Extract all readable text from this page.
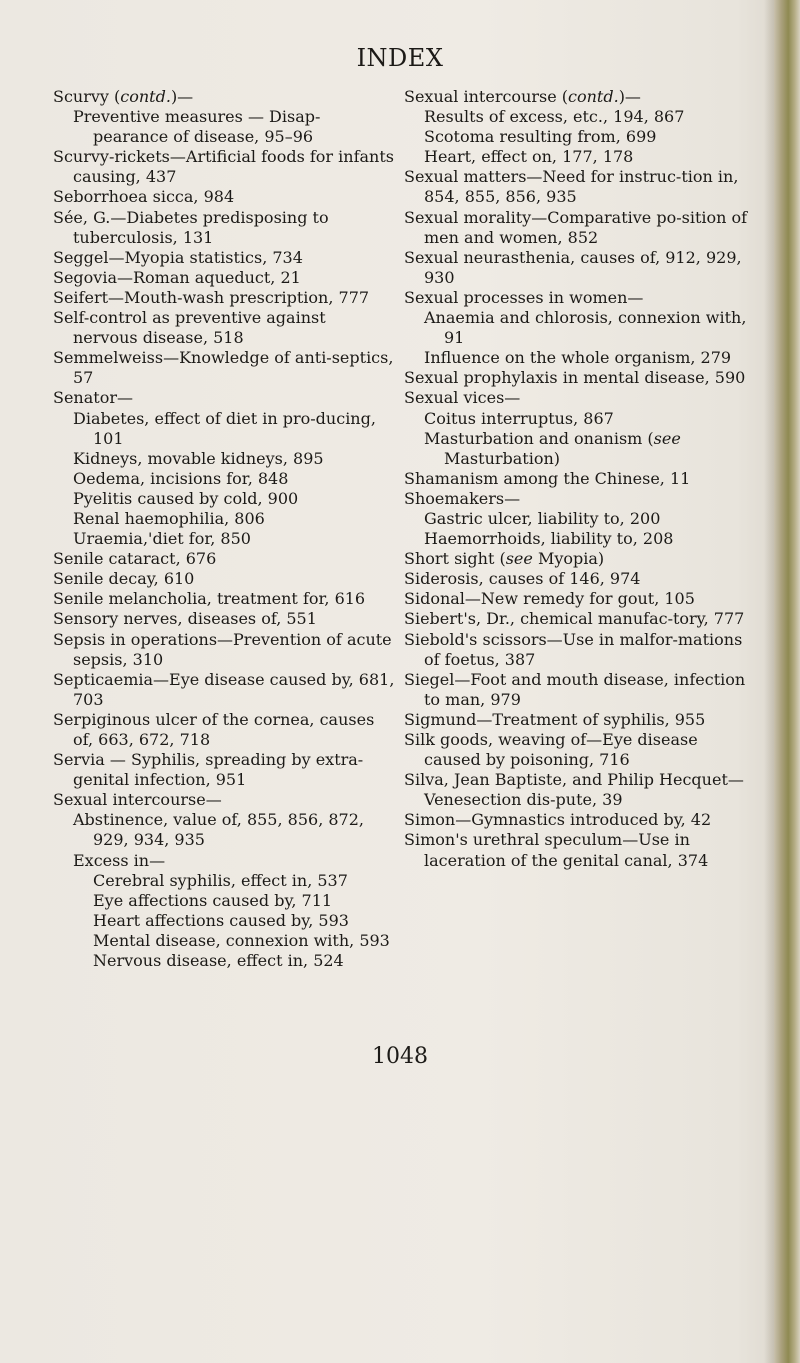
INDEX
Scurvy (contd.)—
Preventive measures — Disap-pearance of disease, 95–96
Scurvy-rickets—Artificial foods for infants causing, 437
Seborrhoea sicca, 984
Sée, G.—Diabetes predisposing to tuberculosis, 131
Seggel—Myopia statistics, 734
Segovia—Roman aqueduct, 21
Seifert—Mouth-wash prescription, 777
Self-control as preventive against nervous disease, 518
Semmelweiss—Knowledge of anti-septics, 57
Senator—
Diabetes, effect of diet in pro-ducing, 101
Kidneys, movable kidneys, 895
Oedema, incisions for, 848
Pyelitis caused by cold, 900
Renal haemophilia, 806
Uraemia,'diet for, 850
Senile cataract, 676
Senile decay, 610
Senile melancholia, treatment for, 616
Sensory nerves, diseases of, 551
Sepsis in operations—Prevention of acute sepsis, 310
Septicaemia—Eye disease caused by, 681, 703
Serpiginous ulcer of the cornea, causes of, 663, 672, 718
Servia — Syphilis, spreading by extra-genital infection, 951
Sexual intercourse—
Abstinence, value of, 855, 856, 872, 929, 934, 935
Excess in—
Cerebral syphilis, effect in, 537
Eye affections caused by, 711
Heart affections caused by, 593
Mental disease, connexion with, 593
Nervous disease, effect in, 524
Sexual intercourse (contd.)—
Results of excess, etc., 194, 867
Scotoma resulting from, 699
Heart, effect on, 177, 178
Sexual matters—Need for instruc-tion in, 854, 855, 856, 935
Sexual morality—Comparative po-sition of men and women, 852
Sexual neurasthenia, causes of, 912, 929, 930
Sexual processes in women—
Anaemia and chlorosis, connexion with, 91
Influence on the whole organism, 279
Sexual prophylaxis in mental disease, 590
Sexual vices—
Coitus interruptus, 867
Masturbation and onanism (see Masturbation)
Shamanism among the Chinese, 11
Shoemakers—
Gastric ulcer, liability to, 200
Haemorrhoids, liability to, 208
Short sight (see Myopia)
Siderosis, causes of 146, 974
Sidonal—New remedy for gout, 105
Siebert's, Dr., chemical manufac-tory, 777
Siebold's scissors—Use in malfor-mations of foetus, 387
Siegel—Foot and mouth disease, infection to man, 979
Sigmund—Treatment of syphilis, 955
Silk goods, weaving of—Eye disease caused by poisoning, 716
Silva, Jean Baptiste, and Philip Hecquet—Venesection dis-pute, 39
Simon—Gymnastics introduced by, 42
Simon's urethral speculum—Use in laceration of the genital canal, 374
1048
